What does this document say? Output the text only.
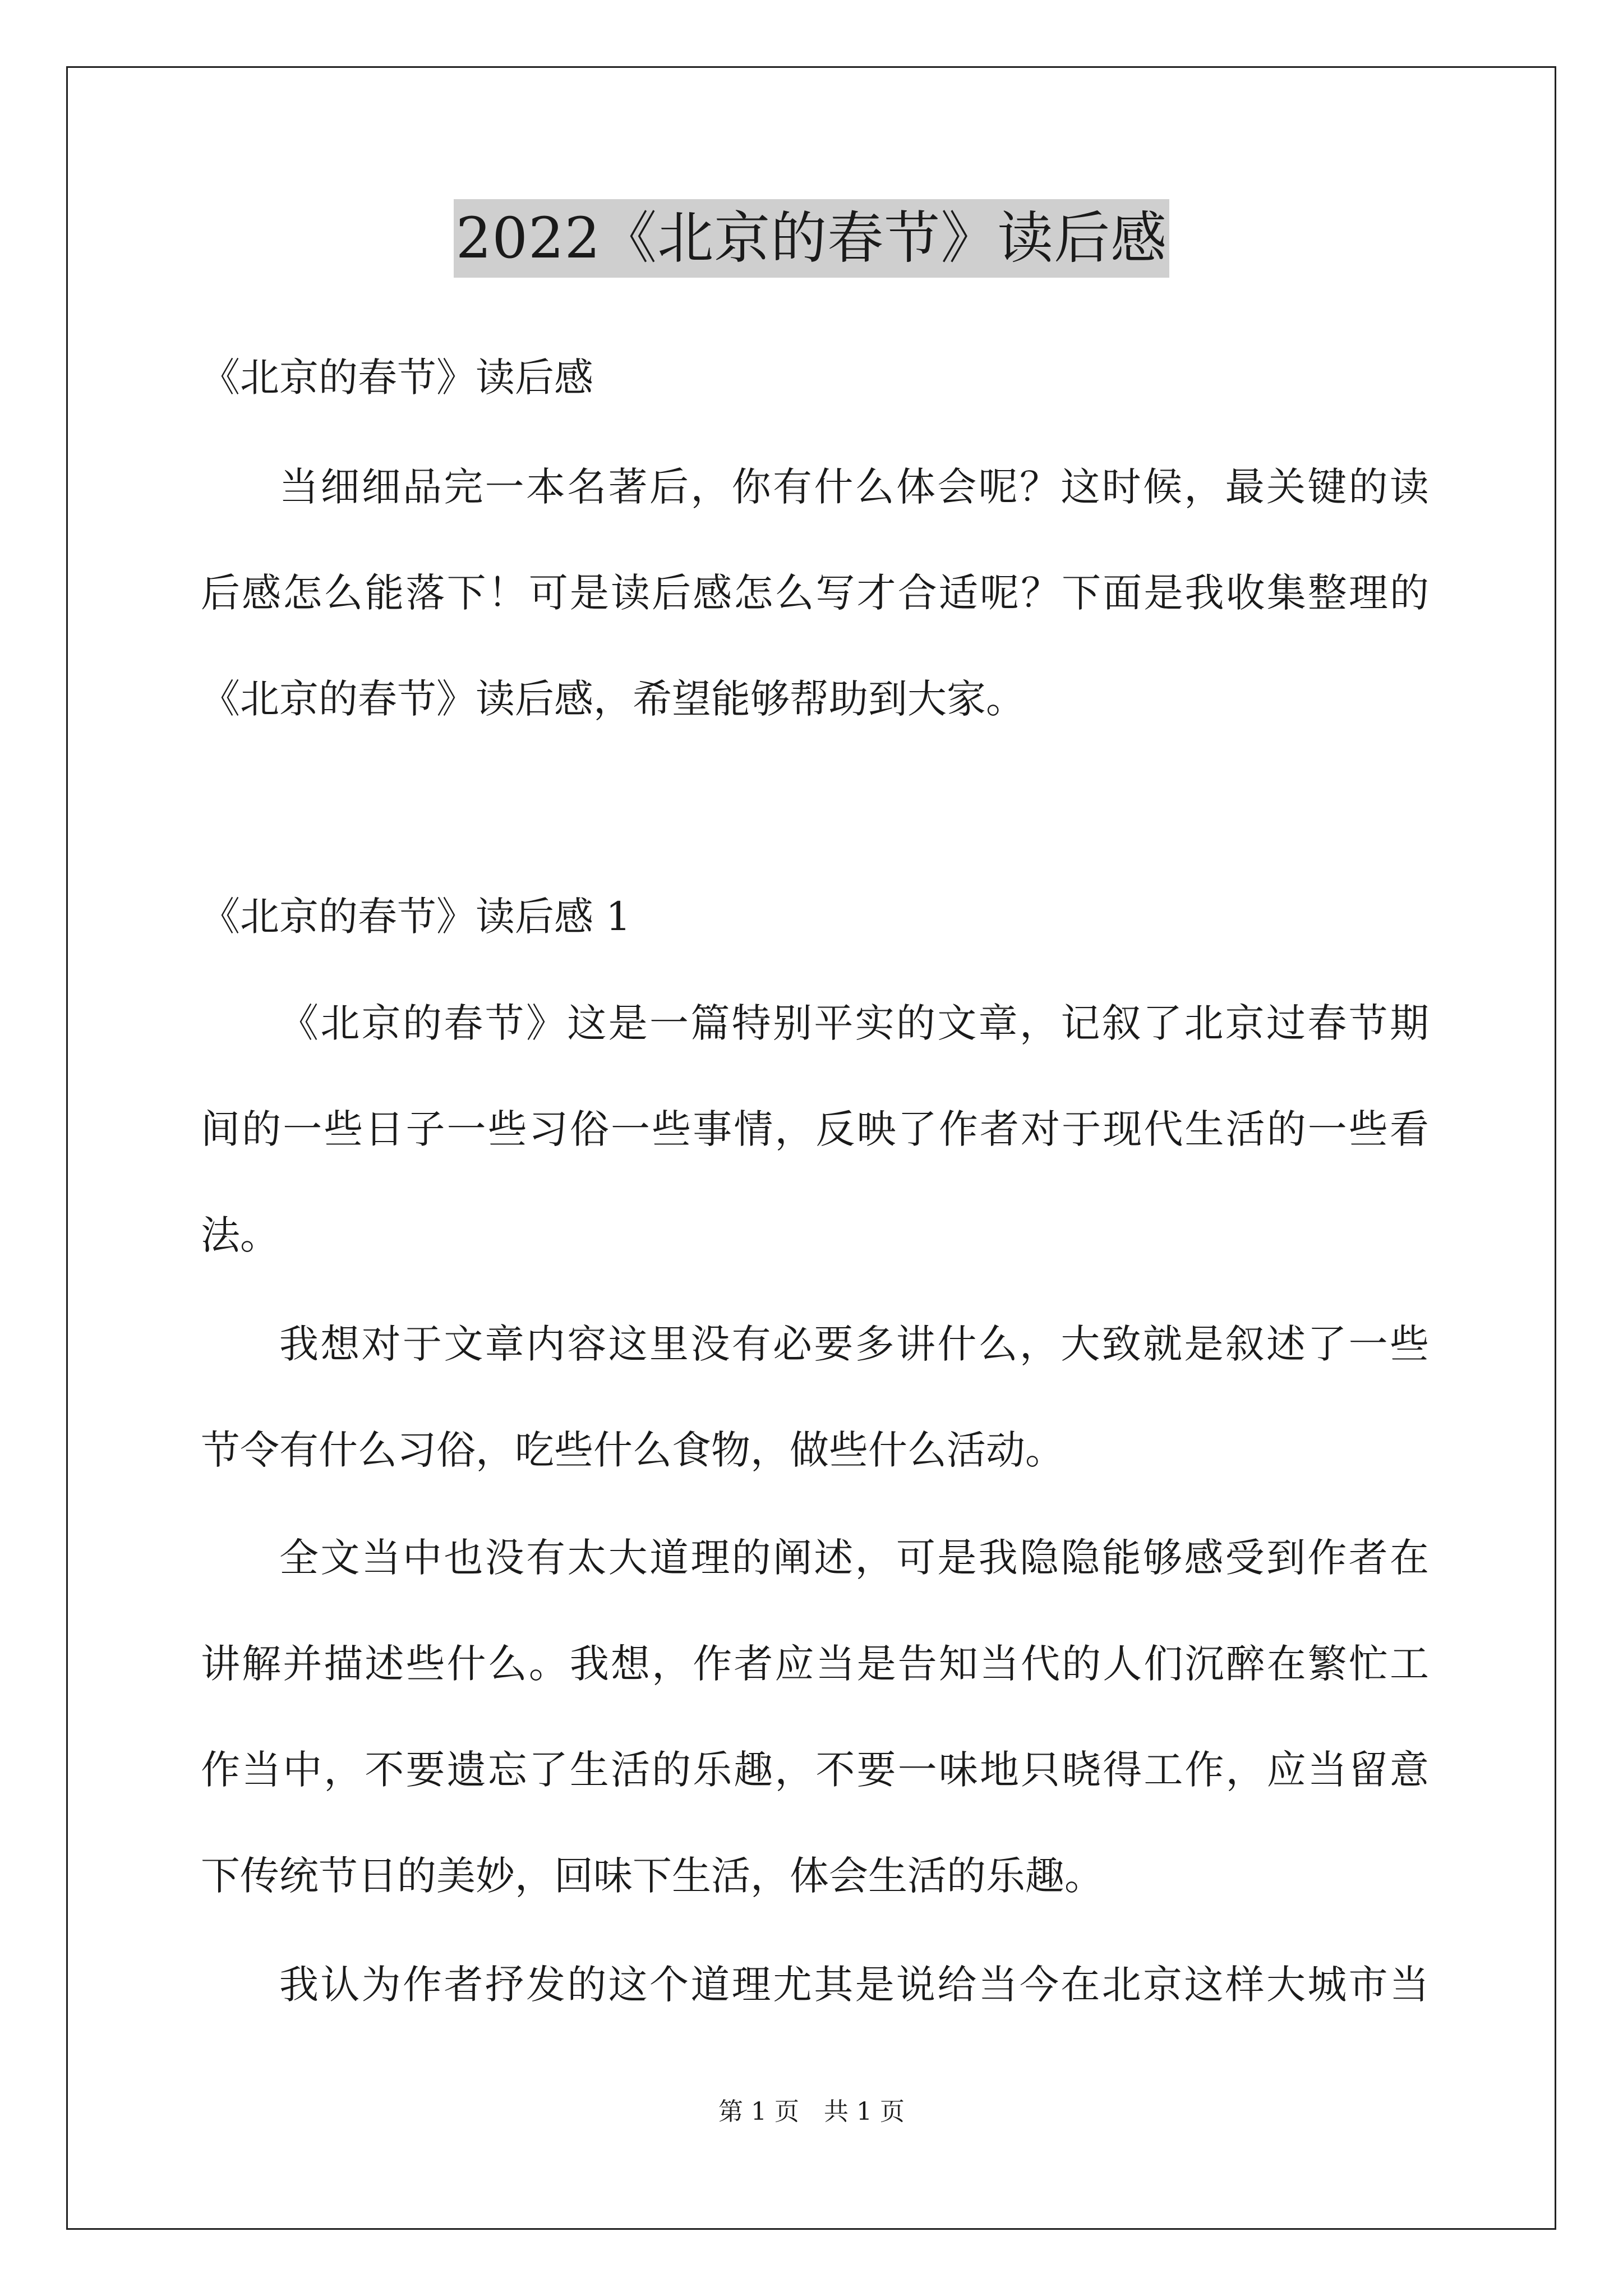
2022《北京的春节》读后感
《北京的春节》读后感
当细细品完一本名著后，你有什么体会呢？这时候，最关键的读
后感怎么能落下！可是读后感怎么写才合适呢？下面是我收集整理的
《北京的春节》读后感，希望能够帮助到大家。
《北京的春节》读后感 1
《北京的春节》这是一篇特别平实的文章，记叙了北京过春节期
间的一些日子一些习俗一些事情，反映了作者对于现代生活的一些看
法。
我想对于文章内容这里没有必要多讲什么，大致就是叙述了一些
节令有什么习俗，吃些什么食物，做些什么活动。
全文当中也没有太大道理的阐述，可是我隐隐能够感受到作者在
讲解并描述些什么。我想，作者应当是告知当代的人们沉醉在繁忙工
作当中，不要遗忘了生活的乐趣，不要一味地只晓得工作，应当留意
下传统节日的美妙，回味下生活，体会生活的乐趣。
我认为作者抒发的这个道理尤其是说给当今在北京这样大城市当
第 1 页　共 1 页
